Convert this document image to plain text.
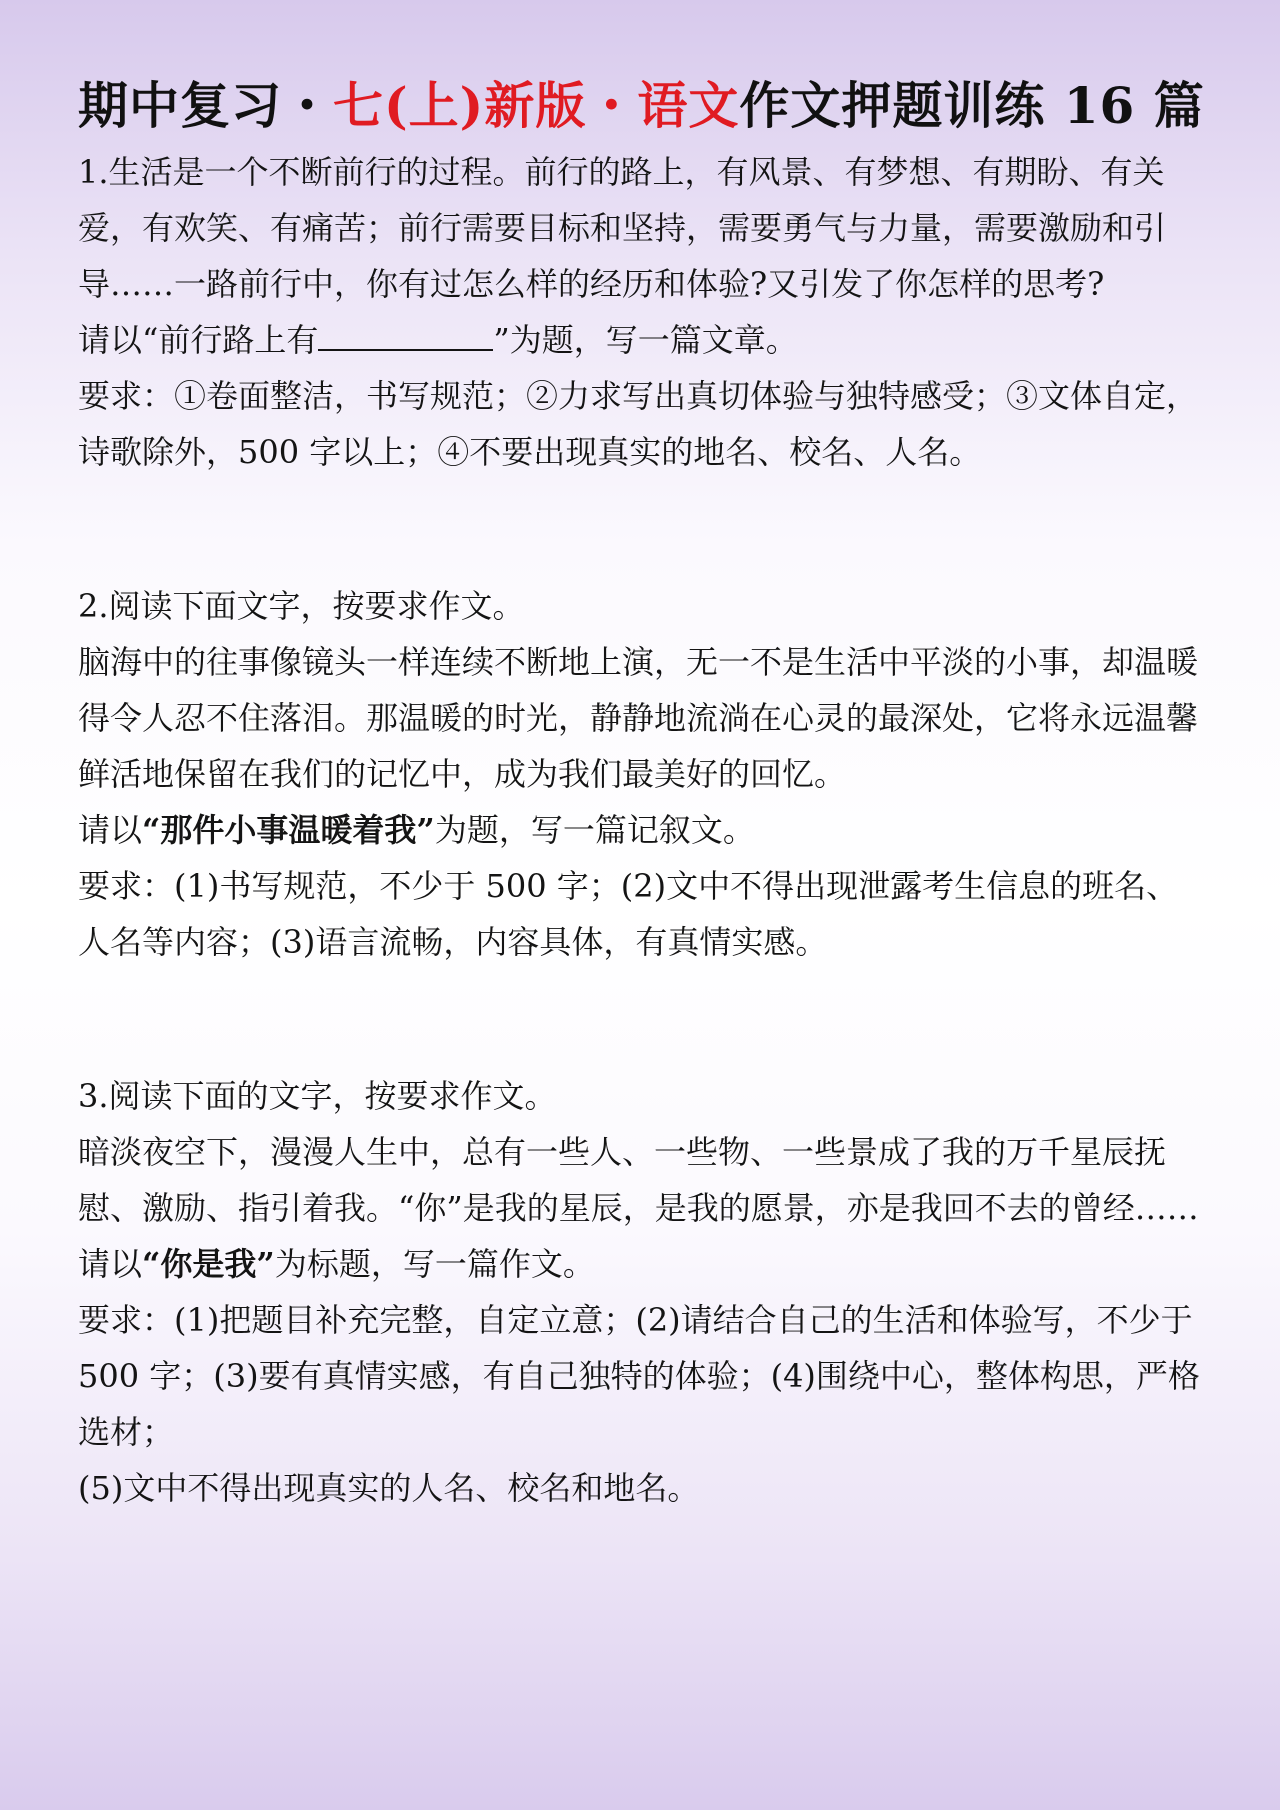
期中复习・七(上)新版・语文作文押题训练 16 篇

1.生活是一个不断前行的过程。前行的路上，有风景、有梦想、有期盼、有关爱，有欢笑、有痛苦；前行需要目标和坚持，需要勇气与力量，需要激励和引导……一路前行中，你有过怎么样的经历和体验?又引发了你怎样的思考?

请以“前行路上有	”为题，写一篇文章。

要求：①卷面整洁，书写规范；②力求写出真切体验与独特感受；③文体自定，诗歌除外，500 字以上；④不要出现真实的地名、校名、人名。

2.阅读下面文字，按要求作文。

脑海中的往事像镜头一样连续不断地上演，无一不是生活中平淡的小事，却温暖得令人忍不住落泪。那温暖的时光，静静地流淌在心灵的最深处，它将永远温馨鲜活地保留在我们的记忆中，成为我们最美好的回忆。

请以“那件小事温暖着我”为题，写一篇记叙文。

要求：(1)书写规范，不少于 500 字；(2)文中不得出现泄露考生信息的班名、人名等内容；(3)语言流畅，内容具体，有真情实感。

3.阅读下面的文字，按要求作文。

暗淡夜空下，漫漫人生中，总有一些人、一些物、一些景成了我的万千星辰抚慰、激励、指引着我。“你”是我的星辰，是我的愿景，亦是我回不去的曾经……

请以“你是我”为标题，写一篇作文。

要求：(1)把题目补充完整，自定立意；(2)请结合自己的生活和体验写，不少于 500 字；(3)要有真情实感，有自己独特的体验；(4)围绕中心，整体构思，严格选材；

(5)文中不得出现真实的人名、校名和地名。
